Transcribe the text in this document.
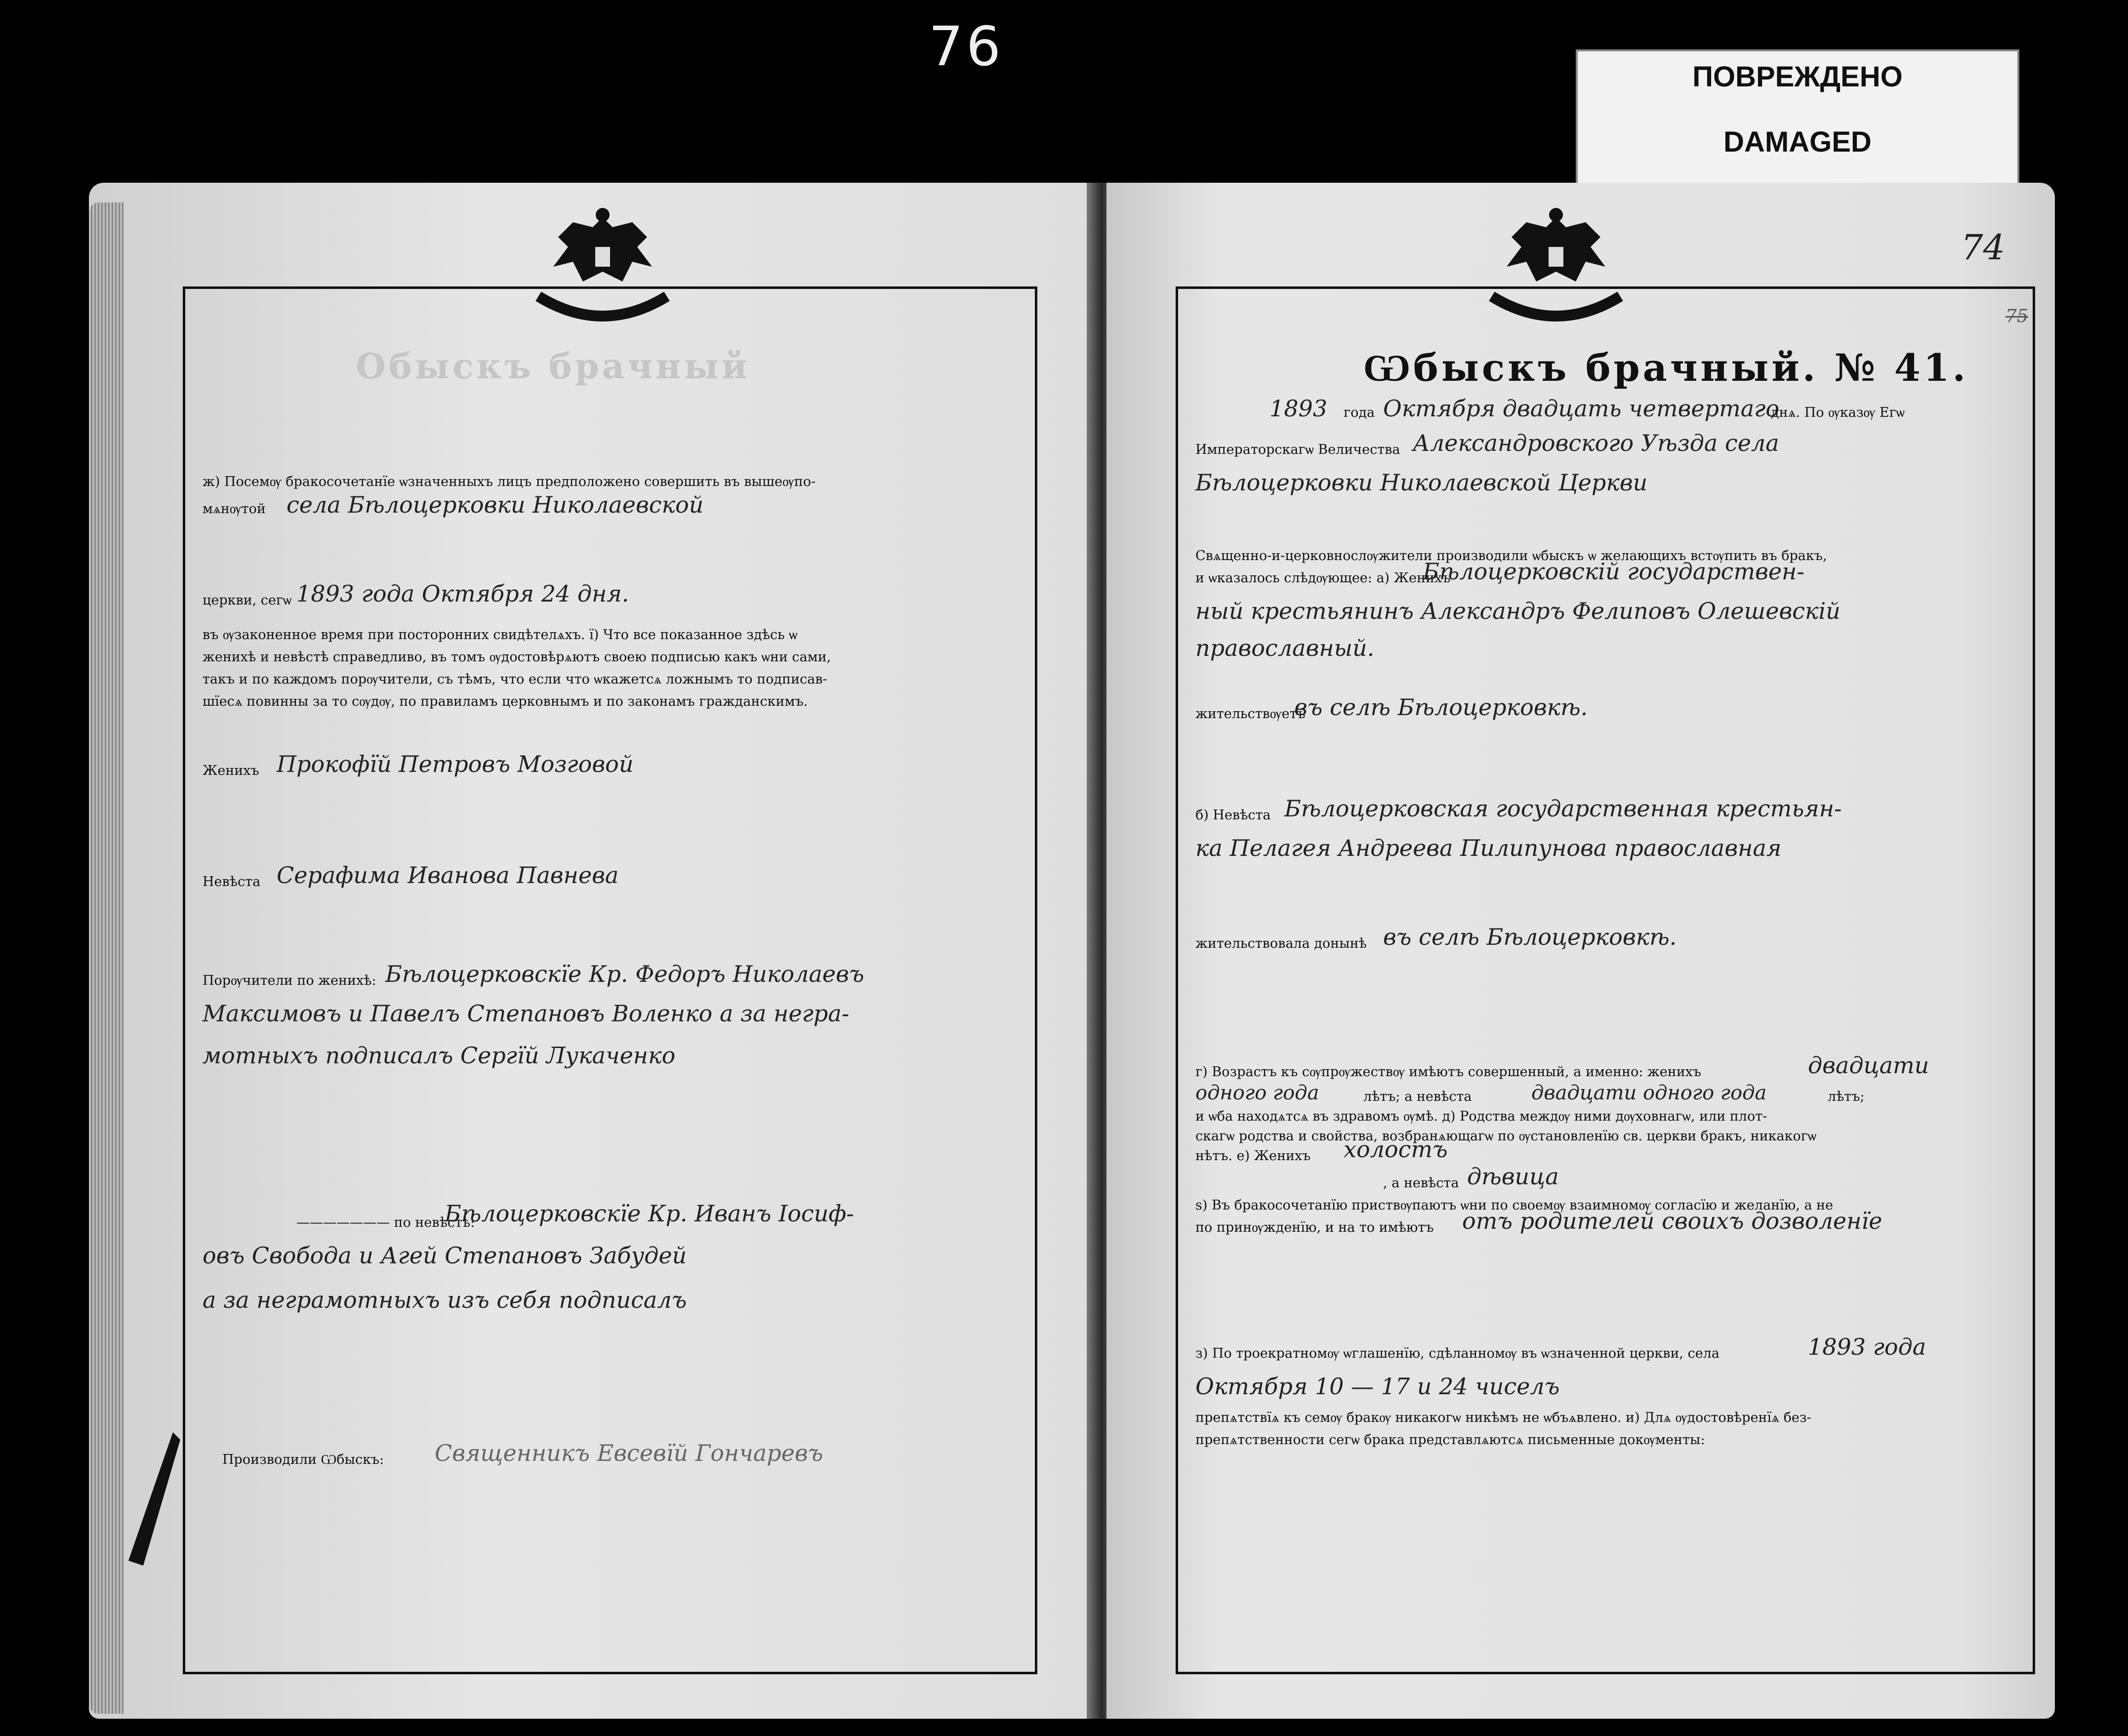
76	ПОВРЕЖДЕНО
DAMAGED
Обыскъ брачный
ж) Посемѹ бракосочетанїе ѡзначенныхъ лицъ предположено совершить въ вышеѹпо-
мѧнѹтой села Бѣлоцерковки Николаевской
церкви, сегѡ 1893 года Октября 24 дня.
въ ѹзаконенное время при посторонних свидѣтелѧхъ. ї) Что все показанное здѣсь ѡ
женихѣ и невѣстѣ справедливо, въ томъ ѹдостовѣрѧютъ своею подписью какъ ѡни сами,
такъ и по каждомъ порѹчители, съ тѣмъ, что если что ѡкажетсѧ ложнымъ то подписав-
шїесѧ повинны за то сѹдѹ, по правиламъ церковнымъ и по законамъ гражданскимъ.
Женихъ Прокофїй Петровъ Мозговой
Невѣста Серафима Иванова Павнева
Порѹчители по женихѣ: Бѣлоцерковскїе Кр. Федоръ Николаевъ
Максимовъ и Павелъ Степановъ Воленко а за негра-
мотныхъ подписалъ Сергїй Лукаченко
——————— по невѣстѣ:
Бѣлоцерковскїе Кр. Иванъ Іосиф-
овъ Свобода и Агей Степановъ Забудей
а за неграмотныхъ изъ себя подписалъ
Производили Ѡбыскъ: Священникъ Евсевїй Гончаревъ
74
75
Ѡбыскъ брачный. № 41.
1893 года Октября двадцать четвертаго
днѧ. По ѹказѹ Егѡ
Императорскагѡ Величества Александровского Уѣзда села
Бѣлоцерковки Николаевской Церкви
Свѧщенно-и-церковнослѹжители производили ѡбыскъ ѡ желающихъ встѹпить въ бракъ,
и ѡказалось слѣдѹющее: а) Женихъ
Бѣлоцерковскій государствен-
ный крестьянинъ Александръ Фелиповъ Олешевскій
православный.
жительствѹетъ
въ селѣ Бѣлоцерковкѣ.
б) Невѣста Бѣлоцерковская государственная крестьян-
ка Пелагея Андреева Пилипунова православная
жительствовала донынѣ въ селѣ Бѣлоцерковкѣ.
г) Возрастъ къ сѹпрѹжествѹ имѣютъ совершенный, а именно: женихъ	двадцати
одного года	лѣтъ; а невѣста	двадцати одного года	лѣтъ;
и ѡба находѧтсѧ въ здравомъ ѹмѣ. д) Родства междѹ ними дѹховнагѡ, или плот-
скагѡ родства и свойства, возбранѧющагѡ по ѹстановленїю св. церкви бракъ, никакогѡ
нѣтъ. е) Женихъ холостъ
, а невѣста дѣвица
ѕ) Въ бракосочетанїю приствѹпаютъ ѡни по своемѹ взаимномѹ согласїю и желанїю, а не
по принѹжденїю, и на то имѣютъ отъ родителей своихъ дозволенїе
з) По троекратномѹ ѡглашенїю, сдѣланномѹ въ ѡзначенной церкви, села	1893 года
Октября 10 — 17 и 24 чиселъ
препѧтствїѧ къ семѹ бракѹ никакогѡ никѣмъ не ѡбъѧвлено. и) Длѧ ѹдостовѣренїѧ без-
препѧтственности сегѡ брака представлѧютсѧ письменные докѹменты:
